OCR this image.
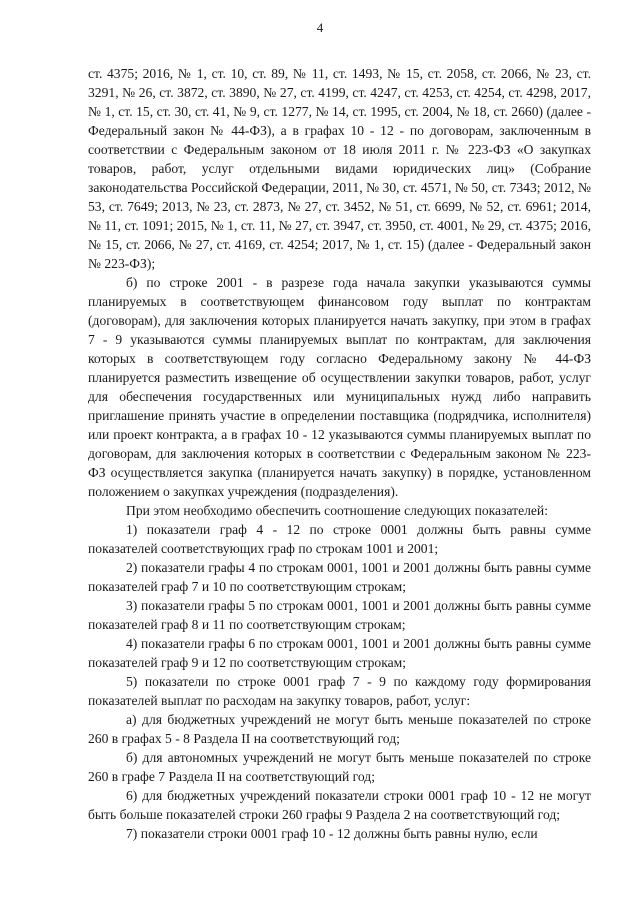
4

ст. 4375; 2016, № 1, ст. 10, ст. 89, № 11, ст. 1493, № 15, ст. 2058, ст. 2066, № 23, ст. 3291, № 26, ст. 3872, ст. 3890, № 27, ст. 4199, ст. 4247, ст. 4253, ст. 4254, ст. 4298, 2017, № 1, ст. 15, ст. 30, ст. 41, № 9, ст. 1277, № 14, ст. 1995, ст. 2004, № 18, ст. 2660) (далее - Федеральный закон № 44-ФЗ), а в графах 10 - 12 - по договорам, заключенным в соответствии с Федеральным законом от 18 июля 2011 г. № 223-ФЗ «О закупках товаров, работ, услуг отдельными видами юридических лиц» (Собрание законодательства Российской Федерации, 2011, № 30, ст. 4571, № 50, ст. 7343; 2012, № 53, ст. 7649; 2013, № 23, ст. 2873, № 27, ст. 3452, № 51, ст. 6699, № 52, ст. 6961; 2014, № 11, ст. 1091; 2015, № 1, ст. 11, № 27, ст. 3947, ст. 3950, ст. 4001, № 29, ст. 4375; 2016, № 15, ст. 2066, № 27, ст. 4169, ст. 4254; 2017, № 1, ст. 15) (далее - Федеральный закон № 223-ФЗ);

б) по строке 2001 - в разрезе года начала закупки указываются суммы планируемых в соответствующем финансовом году выплат по контрактам (договорам), для заключения которых планируется начать закупку, при этом в графах 7 - 9 указываются суммы планируемых выплат по контрактам, для заключения которых в соответствующем году согласно Федеральному закону № 44-ФЗ планируется разместить извещение об осуществлении закупки товаров, работ, услуг для обеспечения государственных или муниципальных нужд либо направить приглашение принять участие в определении поставщика (подрядчика, исполнителя) или проект контракта, а в графах 10 - 12 указываются суммы планируемых выплат по договорам, для заключения которых в соответствии с Федеральным законом № 223-ФЗ осуществляется закупка (планируется начать закупку) в порядке, установленном положением о закупках учреждения (подразделения).

При этом необходимо обеспечить соотношение следующих показателей:

1) показатели граф 4 - 12 по строке 0001 должны быть равны сумме показателей соответствующих граф по строкам 1001 и 2001;

2) показатели графы 4 по строкам 0001, 1001 и 2001 должны быть равны сумме показателей граф 7 и 10 по соответствующим строкам;

3) показатели графы 5 по строкам 0001, 1001 и 2001 должны быть равны сумме показателей граф 8 и 11 по соответствующим строкам;

4) показатели графы 6 по строкам 0001, 1001 и 2001 должны быть равны сумме показателей граф 9 и 12 по соответствующим строкам;

5) показатели по строке 0001 граф 7 - 9 по каждому году формирования показателей выплат по расходам на закупку товаров, работ, услуг:

а) для бюджетных учреждений не могут быть меньше показателей по строке 260 в графах 5 - 8 Раздела II на соответствующий год;

б) для автономных учреждений не могут быть меньше показателей по строке 260 в графе 7 Раздела II на соответствующий год;

6) для бюджетных учреждений показатели строки 0001 граф 10 - 12 не могут быть больше показателей строки 260 графы 9 Раздела 2 на соответствующий год;

7) показатели строки 0001 граф 10 - 12 должны быть равны нулю, если
